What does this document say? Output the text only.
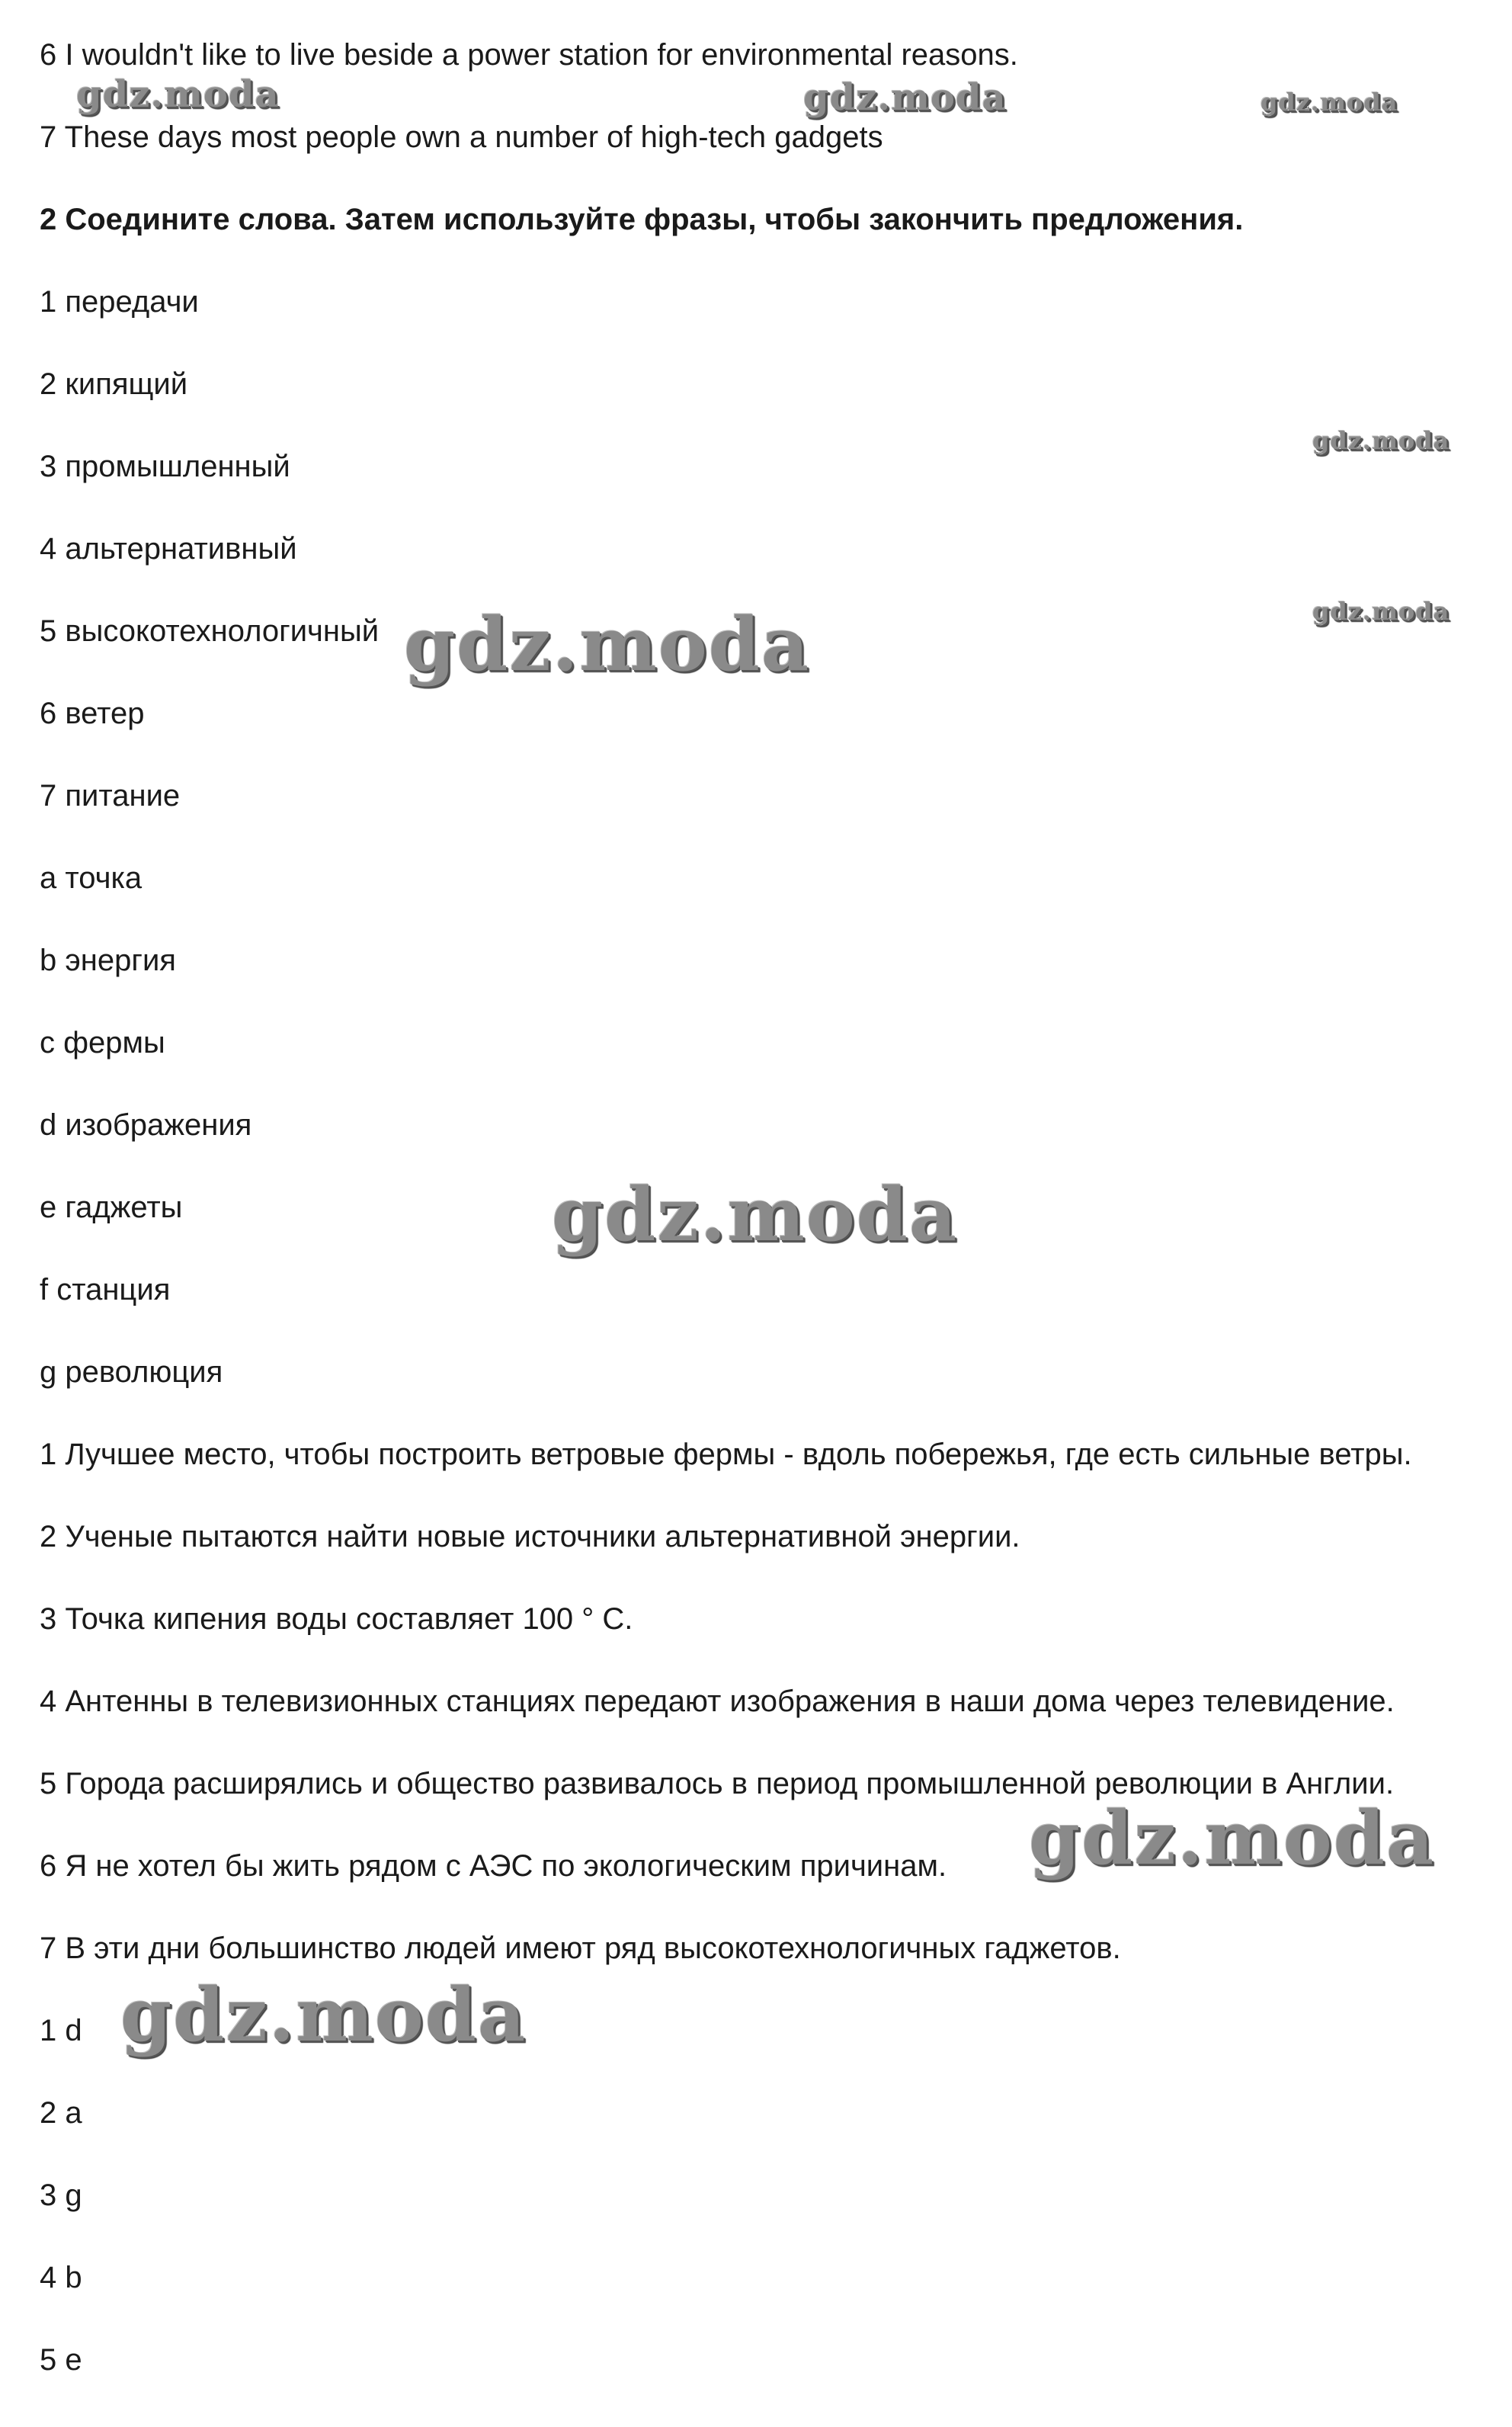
6 I wouldn't like to live beside a power station for environmental reasons.
7 These days most people own a number of high-tech gadgets
2 Соедините слова. Затем используйте фразы, чтобы закончить предложения.
1 передачи
2 кипящий
3 промышленный
4 альтернативный
5 высокотехнологичный
6 ветер
7 питание
a точка
b энергия
c фермы
d изображения
e гаджеты
f станция
g революция
1 Лучшее место, чтобы построить ветровые фермы - вдоль побережья, где есть сильные ветры.
2 Ученые пытаются найти новые источники альтернативной энергии.
3 Точка кипения воды составляет 100 ° C.
4 Антенны в телевизионных станциях передают изображения в наши дома через телевидение.
5 Города расширялись и общество развивалось в период промышленной революции в Англии.
6 Я не хотел бы жить рядом с АЭС по экологическим причинам.
7 В эти дни большинство людей имеют ряд высокотехнологичных гаджетов.
1 d
2 a
3 g
4 b
5 e
gdz.moda	gdz.moda	gdz.moda
gdz.moda
gdz.moda
gdz.moda
gdz.moda
gdz.moda
gdz.moda
